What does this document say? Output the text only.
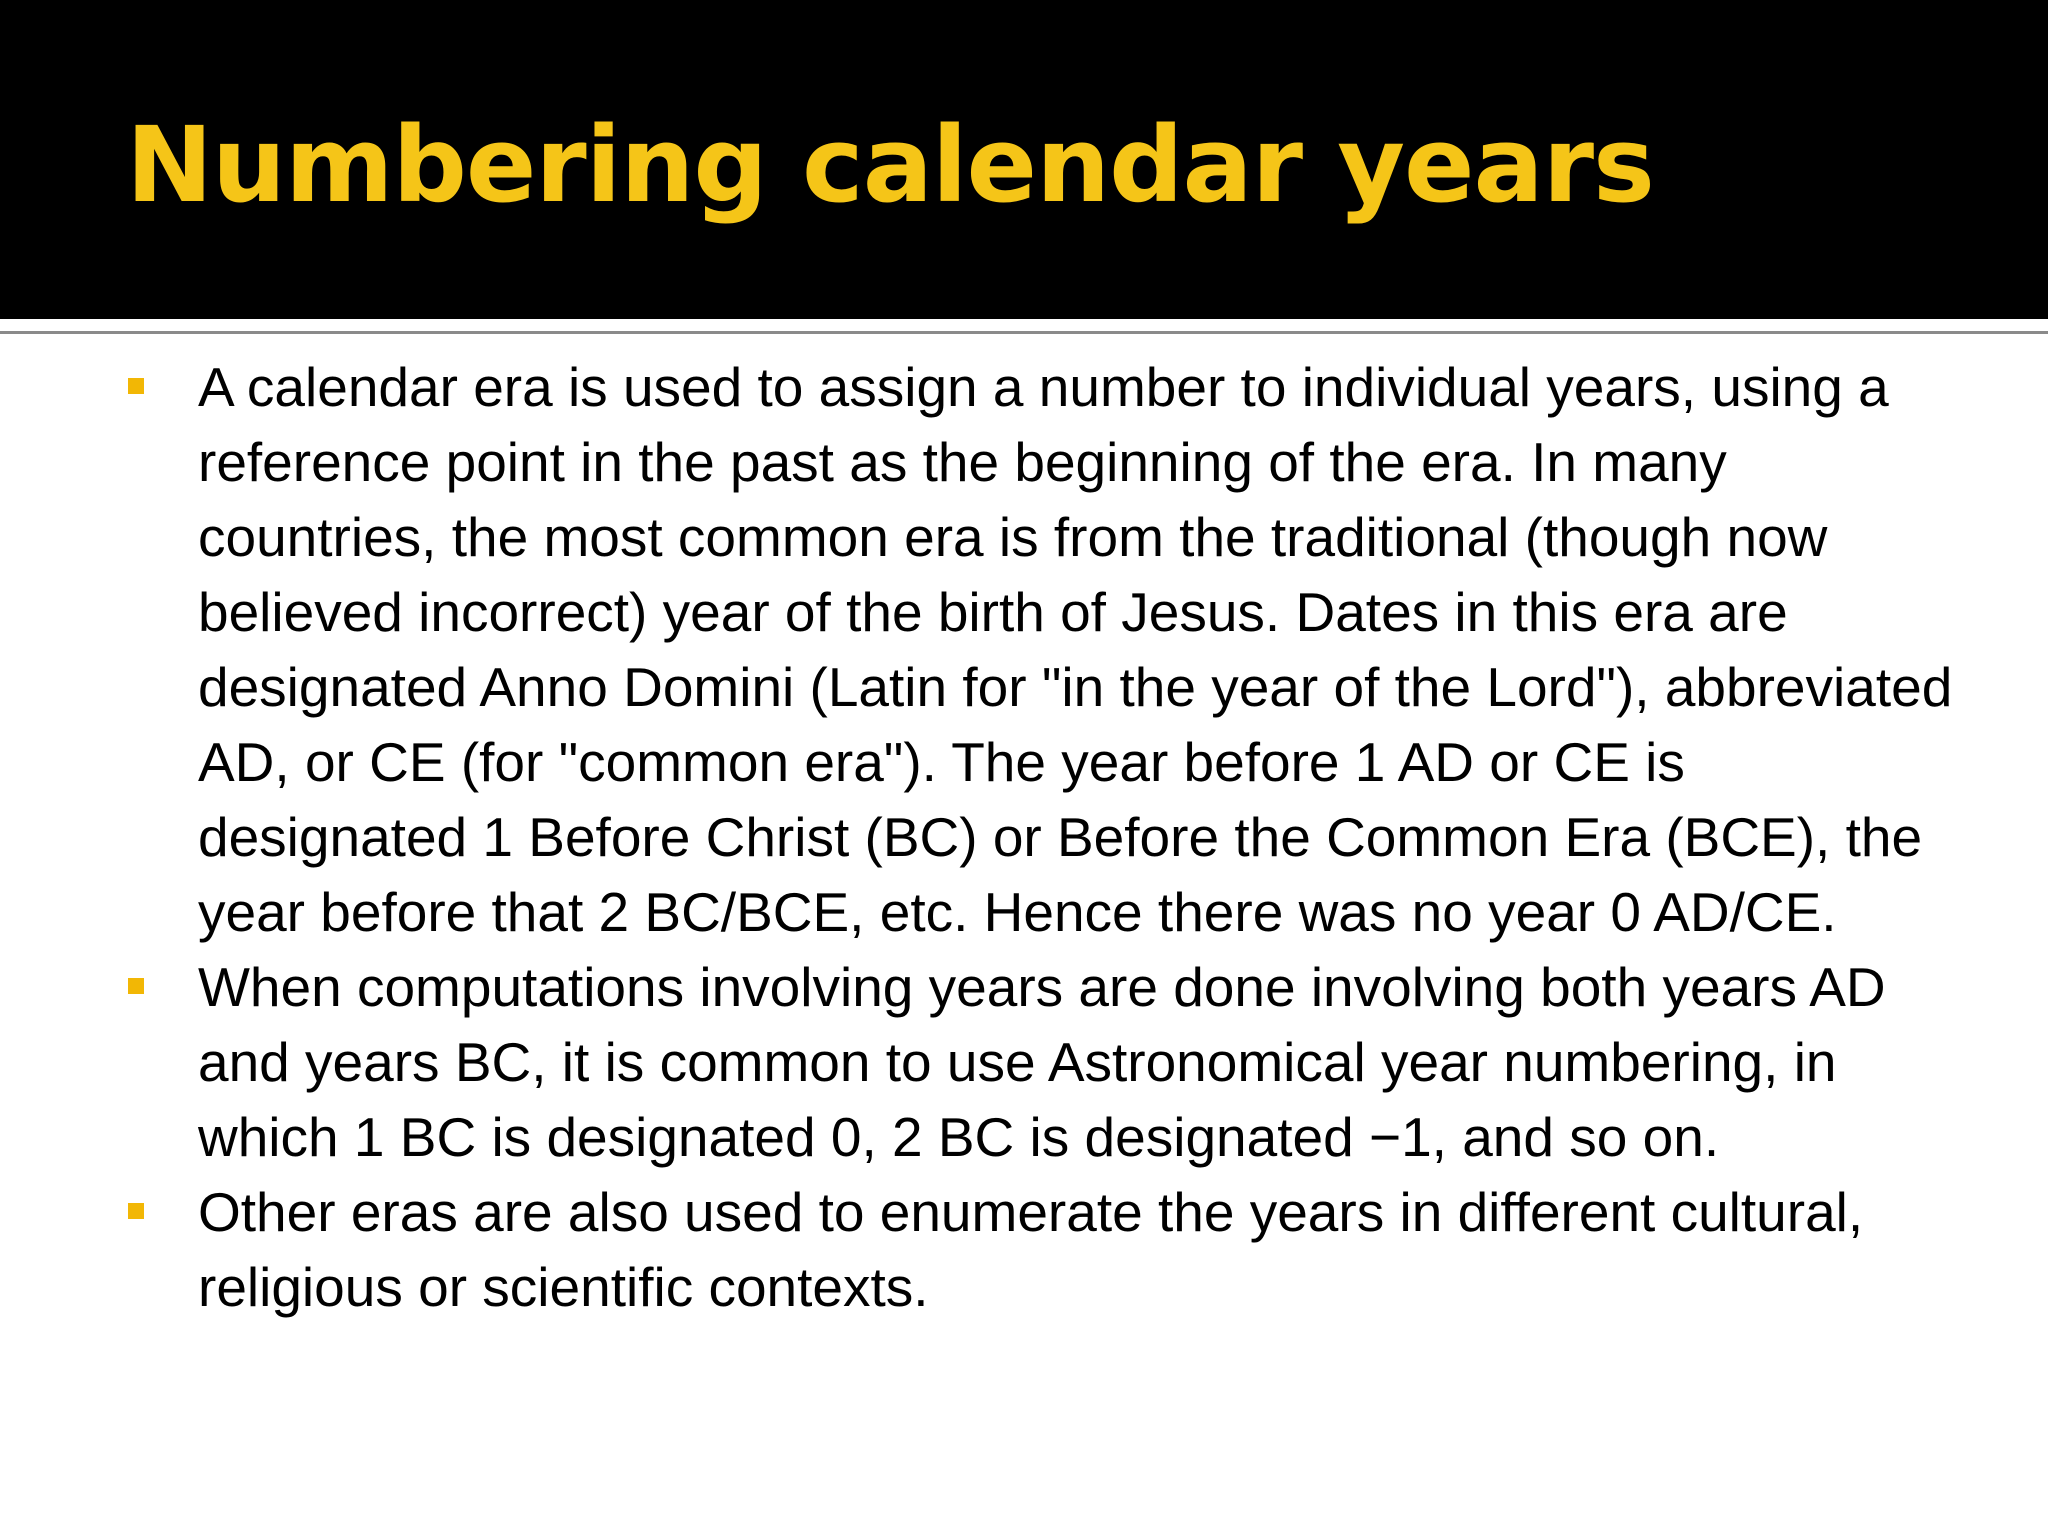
Numbering calendar years
A calendar era is used to assign a number to individual years, using a reference point in the past as the beginning of the era. In many countries, the most common era is from the traditional (though now believed incorrect) year of the birth of Jesus. Dates in this era are designated Anno Domini (Latin for "in the year of the Lord"), abbreviated AD, or CE (for "common era"). The year before 1 AD or CE is designated 1 Before Christ (BC) or Before the Common Era (BCE), the year before that 2 BC/BCE, etc. Hence there was no year 0 AD/CE.
When computations involving years are done involving both years AD and years BC, it is common to use Astronomical year numbering, in which 1 BC is designated 0, 2 BC is designated −1, and so on.
Other eras are also used to enumerate the years in different cultural, religious or scientific contexts.
